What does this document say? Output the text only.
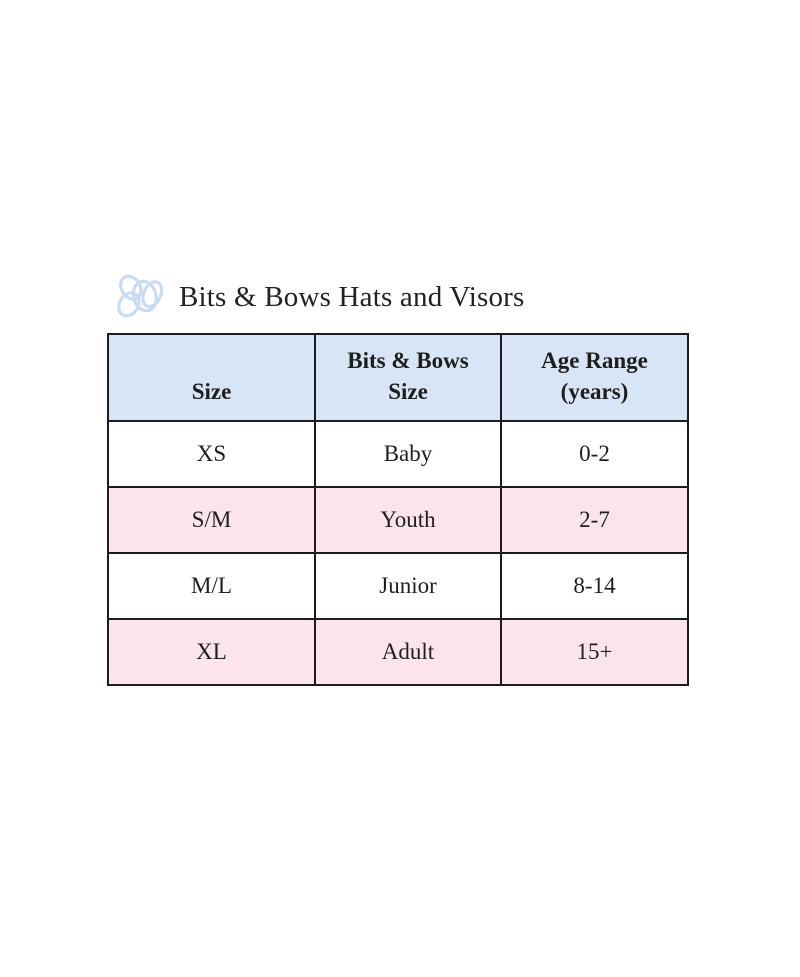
Bits & Bows Hats and Visors
Size	Bits & Bows Size	Age Range (years)
XS	Baby	0-2
S/M	Youth	2-7
M/L	Junior	8-14
XL	Adult	15+
